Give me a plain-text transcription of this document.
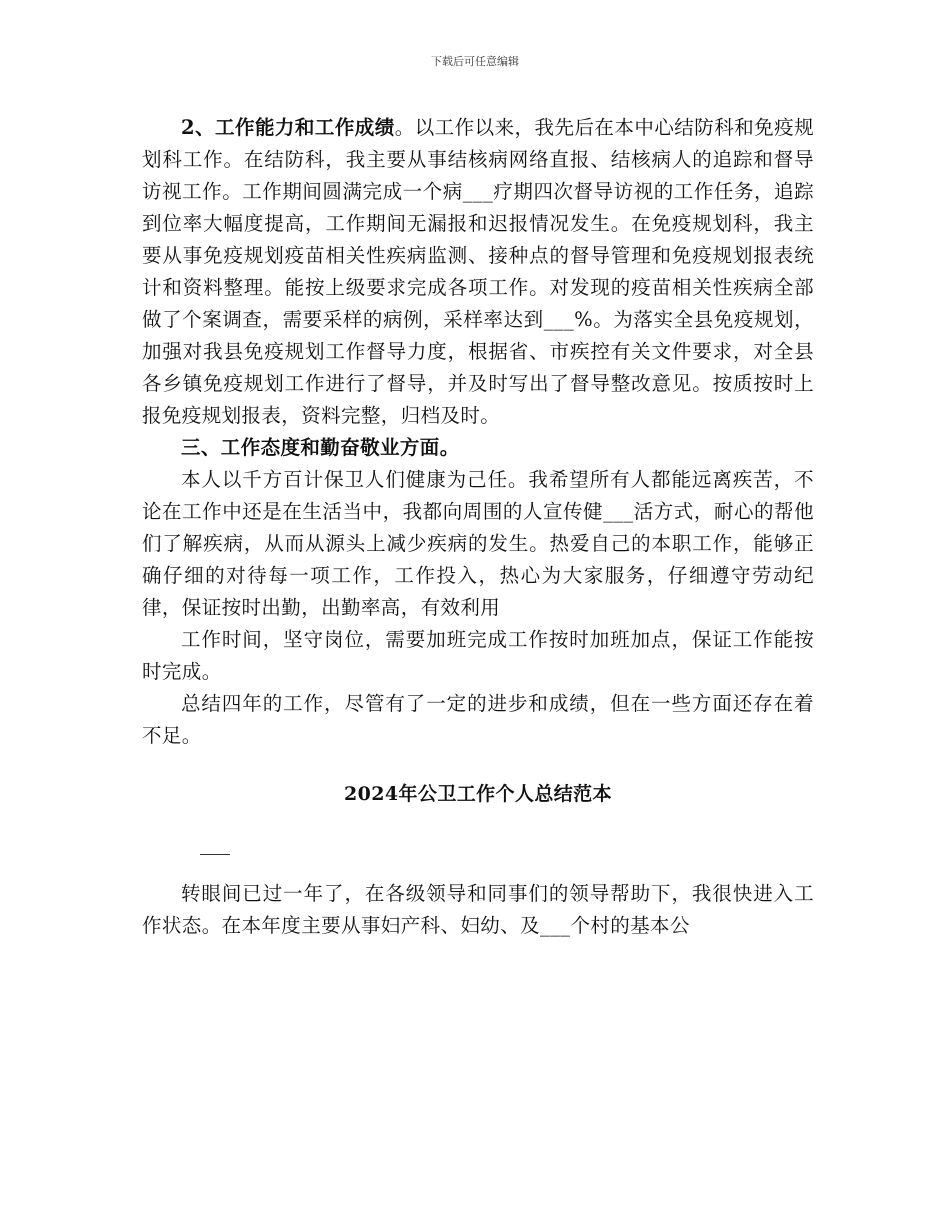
下载后可任意编辑

2、工作能力和工作成绩。以工作以来，我先后在本中心结防科和免疫规划科工作。在结防科，我主要从事结核病网络直报、结核病人的追踪和督导访视工作。工作期间圆满完成一个病___疗期四次督导访视的工作任务，追踪到位率大幅度提高，工作期间无漏报和迟报情况发生。在免疫规划科，我主要从事免疫规划疫苗相关性疾病监测、接种点的督导管理和免疫规划报表统计和资料整理。能按上级要求完成各项工作。对发现的疫苗相关性疾病全部做了个案调查，需要采样的病例，采样率达到___%。为落实全县免疫规划，加强对我县免疫规划工作督导力度，根据省、市疾控有关文件要求，对全县各乡镇免疫规划工作进行了督导，并及时写出了督导整改意见。按质按时上报免疫规划报表，资料完整，归档及时。

三、工作态度和勤奋敬业方面。

本人以千方百计保卫人们健康为己任。我希望所有人都能远离疾苦，不论在工作中还是在生活当中，我都向周围的人宣传健___活方式，耐心的帮他们了解疾病，从而从源头上减少疾病的发生。热爱自己的本职工作，能够正确仔细的对待每一项工作，工作投入，热心为大家服务，仔细遵守劳动纪律，保证按时出勤，出勤率高，有效利用

工作时间，坚守岗位，需要加班完成工作按时加班加点，保证工作能按时完成。

总结四年的工作，尽管有了一定的进步和成绩，但在一些方面还存在着不足。

2024年公卫工作个人总结范本

转眼间已过一年了，在各级领导和同事们的领导帮助下，我很快进入工作状态。在本年度主要从事妇产科、妇幼、及___个村的基本公
